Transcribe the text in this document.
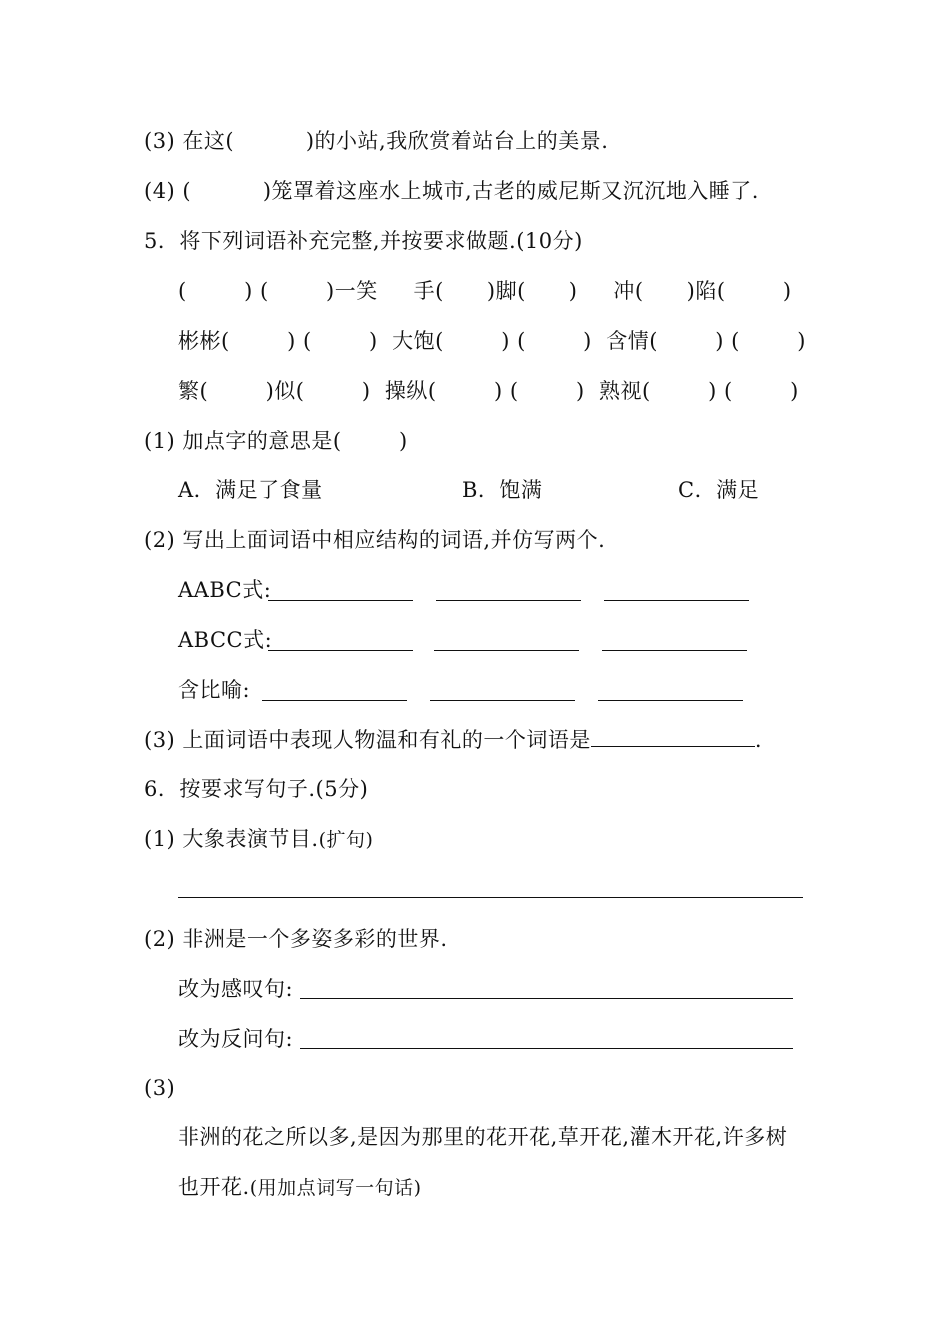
(3) 在这(          )的小站,我欣赏着站台上的美景.
(4) (          )笼罩着这座水上城市,古老的威尼斯又沉沉地入睡了.
5．将下列词语补充完整,并按要求做题.(10分)
(        ) (        )一笑     手(      )脚(      )     冲(      )陷(        )
彬彬(        ) (        )  大饱(        ) (        )  含情(        ) (        )
繁(        )似(        )  操纵(        ) (        )  熟视(        ) (        )
(1) 加点字的意思是(        )
A．满足了食量	B．饱满	C．满足
(2) 写出上面词语中相应结构的词语,并仿写两个.
AABC式:
ABCC式:
含比喻:
(3) 上面词语中表现人物温和有礼的一个词语是	.
6．按要求写句子.(5分)
(1) 大象表演节目.(扩句)
(2) 非洲是一个多姿多彩的世界.
改为感叹句:
改为反问句:
(3)
非洲的花之所以多,是因为那里的花开花,草开花,灌木开花,许多树
也开花.(用加点词写一句话)
